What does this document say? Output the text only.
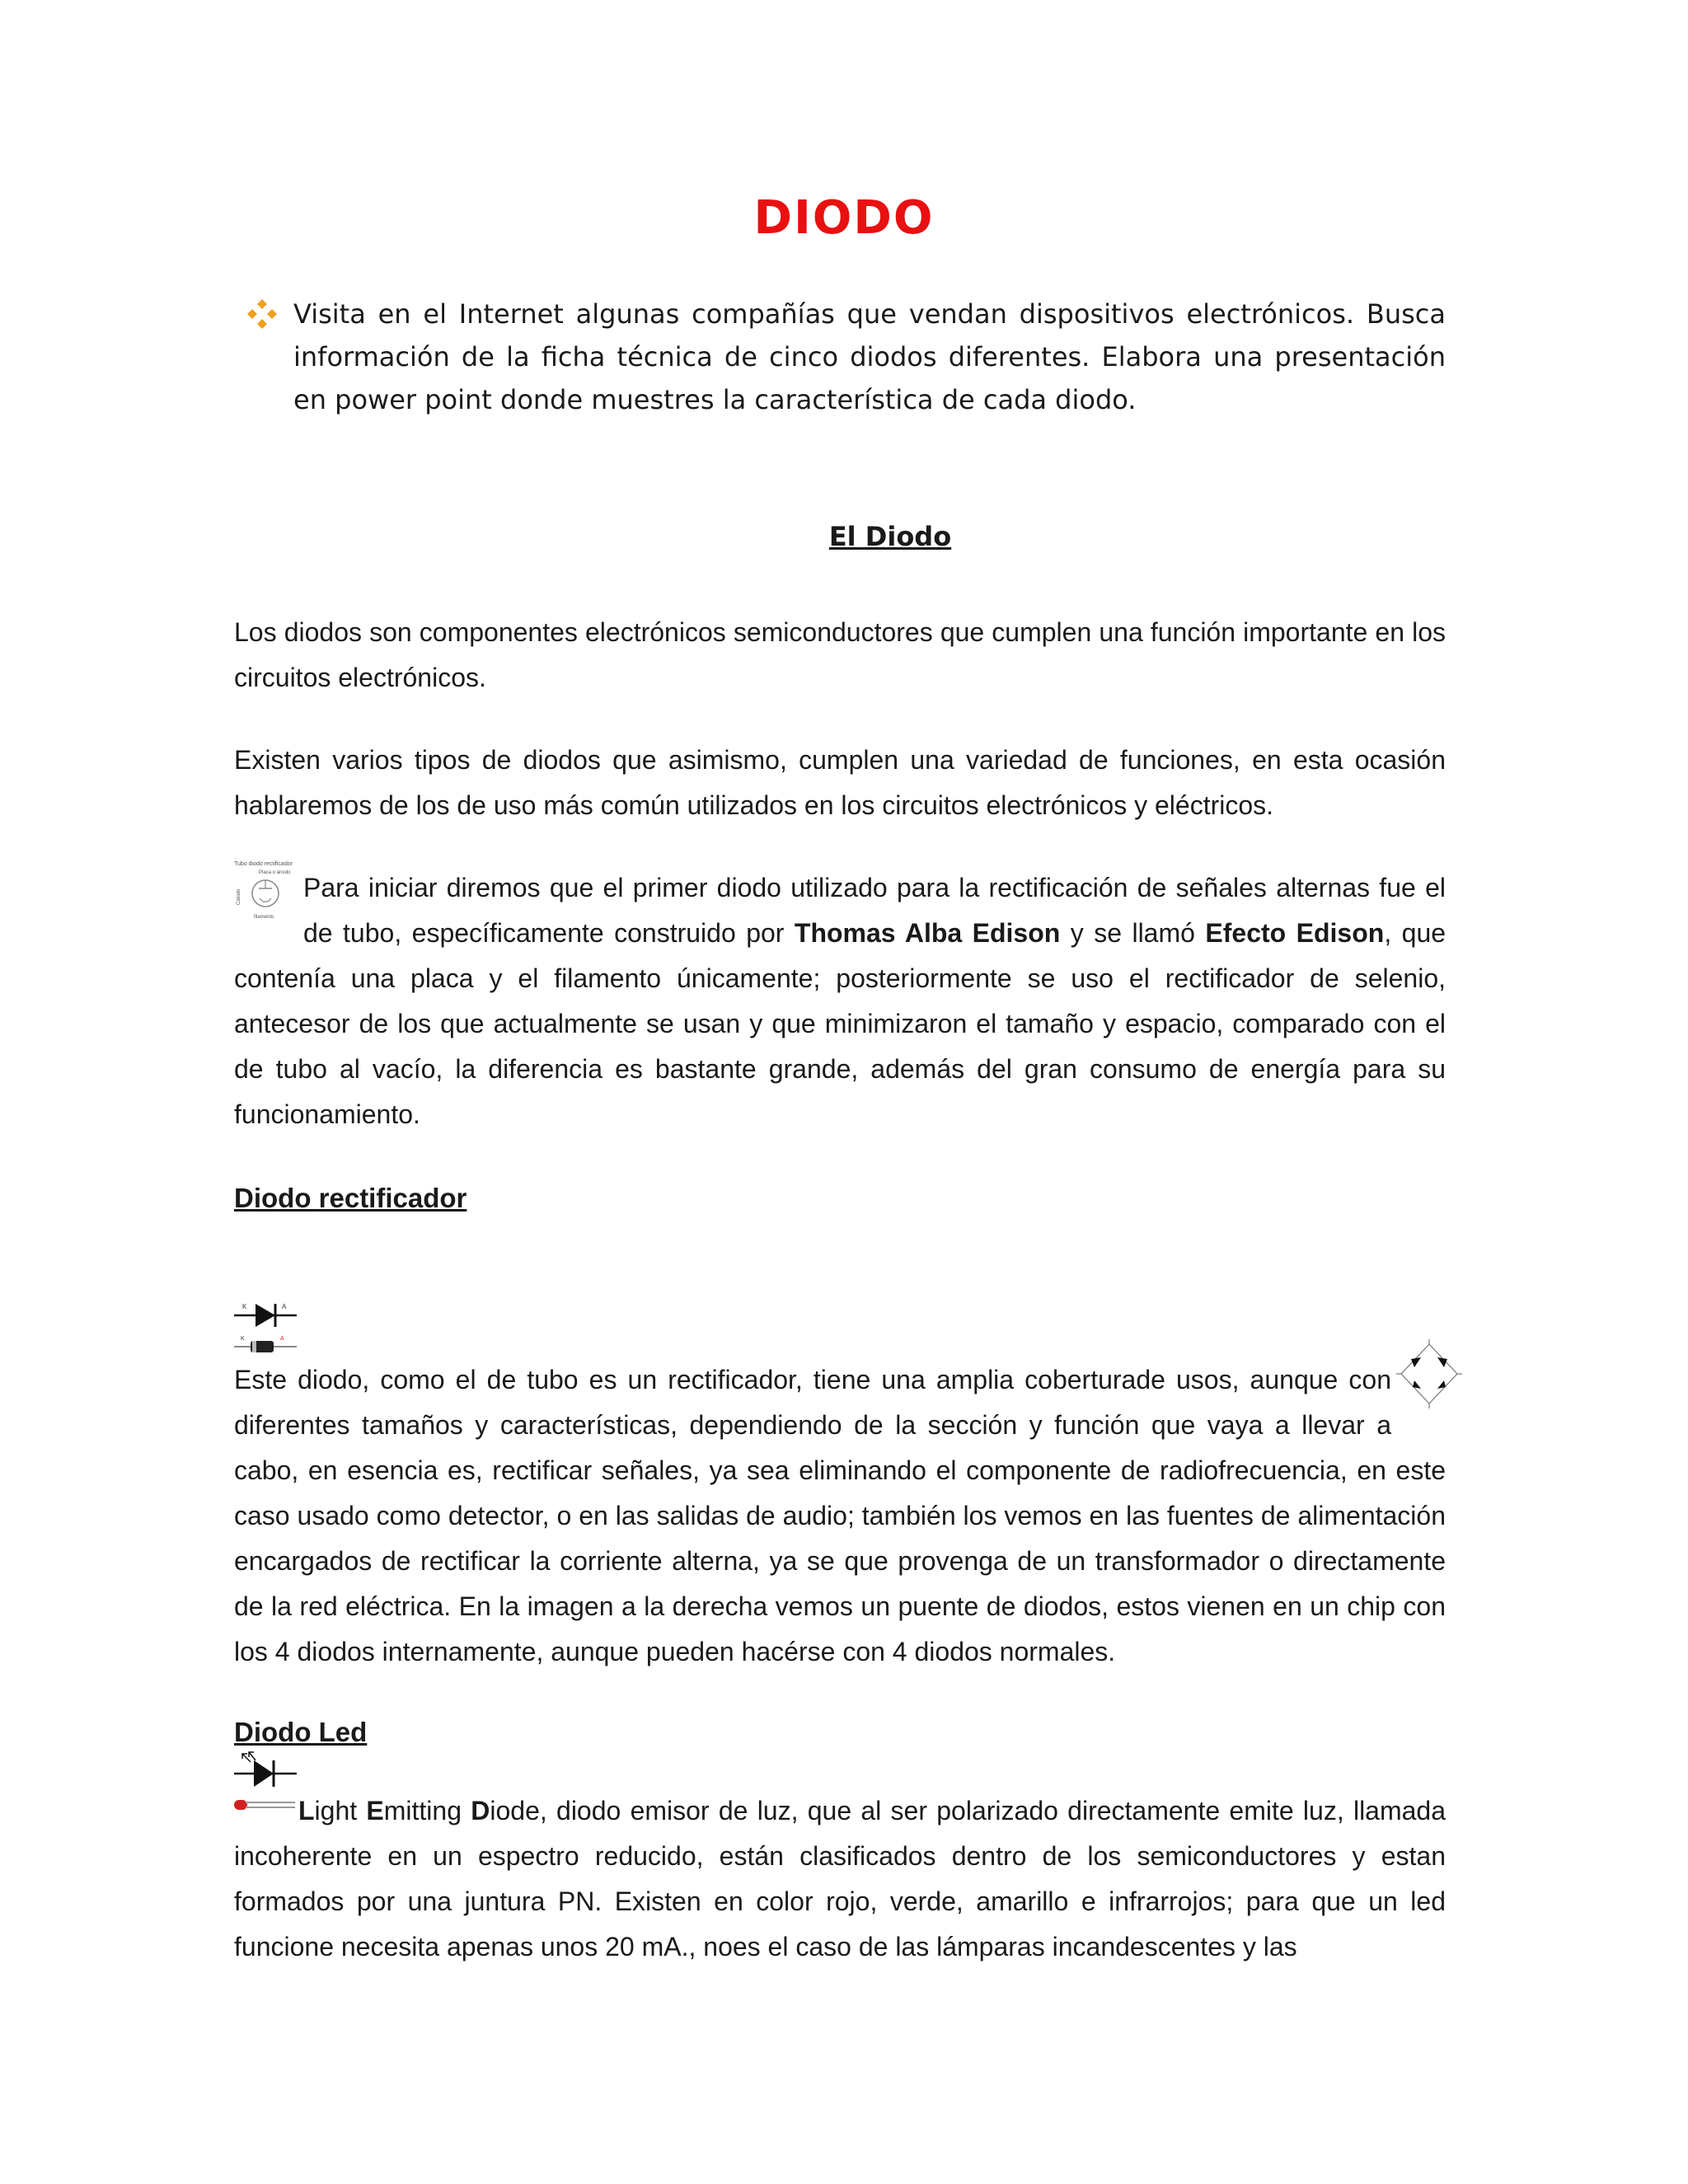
DIODO
Visita en el Internet algunas compañías que vendan dispositivos electrónicos. Busca información de la ficha técnica de cinco diodos diferentes. Elabora una presentación en power point donde muestres la característica de cada diodo.
El Diodo
Los diodos son componentes electrónicos semiconductores que cumplen una función importante en los circuitos electrónicos.
Existen varios tipos de diodos que asimismo, cumplen una variedad de funciones, en esta ocasión hablaremos de los de uso más común utilizados en los circuitos electrónicos y eléctricos.
Tubo diodo rectificador
Placa o ánodo
Cátodo
filamento
Para iniciar diremos que el primer diodo utilizado para la rectificación de señales alternas fue el de tubo, específicamente construido por Thomas Alba Edison y se llamó Efecto Edison, que contenía una placa y el filamento únicamente; posteriormente se uso el rectificador de selenio, antecesor de los que actualmente se usan y que minimizaron el tamaño y espacio, comparado con el de tubo al vacío, la diferencia es bastante grande, además del gran consumo de energía para su funcionamiento.
Diodo rectificador
K	A
K	A
Este diodo, como el de tubo es un rectificador, tiene una amplia coberturade usos, aunque con diferentes tamaños y características, dependiendo de la sección y función que vaya a llevar a cabo, en esencia es, rectificar señales, ya sea eliminando el componente de radiofrecuencia, en este caso usado como detector, o en las salidas de audio; también los vemos en las fuentes de alimentación encargados de rectificar la corriente alterna, ya se que provenga de un transformador o directamente de la red eléctrica. En la imagen a la derecha vemos un puente de diodos, estos vienen en un chip con los 4 diodos internamente, aunque pueden hacérse con 4 diodos normales.
Diodo Led
Light Emitting Diode, diodo emisor de luz, que al ser polarizado directamente emite luz, llamada incoherente en un espectro reducido, están clasificados dentro de los semiconductores y estan formados por una juntura PN. Existen en color rojo, verde, amarillo e infrarrojos; para que un led funcione necesita apenas unos 20 mA., noes el caso de las lámparas incandescentes y las
